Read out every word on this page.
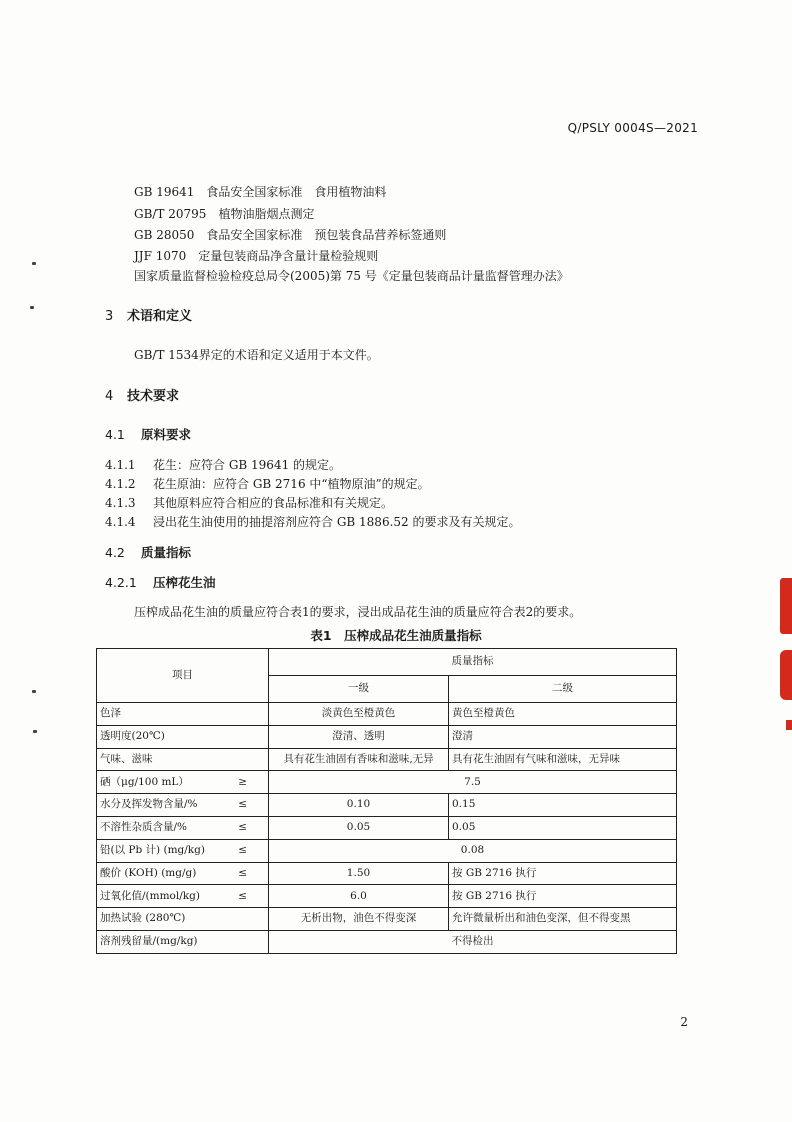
Q/PSLY 0004S—2021
GB 19641　食品安全国家标准　食用植物油料
GB/T 20795　植物油脂烟点测定
GB 28050　食品安全国家标准　预包装食品营养标签通则
JJF 1070　定量包装商品净含量计量检验规则
国家质量监督检验检疫总局令(2005)第 75 号《定量包装商品计量监督管理办法》
3 术语和定义
GB/T 1534界定的术语和定义适用于本文件。
4 技术要求
4.1 原料要求
4.1.1 花生：应符合 GB 19641 的规定。
4.1.2 花生原油：应符合 GB 2716 中“植物原油”的规定。
4.1.3 其他原料应符合相应的食品标准和有关规定。
4.1.4 浸出花生油使用的抽提溶剂应符合 GB 1886.52 的要求及有关规定。
4.2 质量指标
4.2.1 压榨花生油
压榨成品花生油的质量应符合表1的要求，浸出成品花生油的质量应符合表2的要求。
表1　压榨成品花生油质量指标
项目	质量指标	
	一级	二级
色泽	淡黄色至橙黄色	黄色至橙黄色
透明度(20℃)	澄清、透明	澄清
气味、滋味	具有花生油固有香味和滋味,无异	具有花生油固有气味和滋味，无异味
硒（μg/100 mL） ≥	7.5	
水分及挥发物含量/% ≤	0.10	0.15
不溶性杂质含量/% ≤	0.05	0.05
铅(以 Pb 计) (mg/kg) ≤	0.08	
酸价 (KOH) (mg/g) ≤	1.50	按 GB 2716 执行
过氧化值/(mmol/kg) ≤	6.0	按 GB 2716 执行
加热试验 (280℃)	无析出物，油色不得变深	允许微量析出和油色变深，但不得变黑
溶剂残留量/(mg/kg)	不得检出	
2
